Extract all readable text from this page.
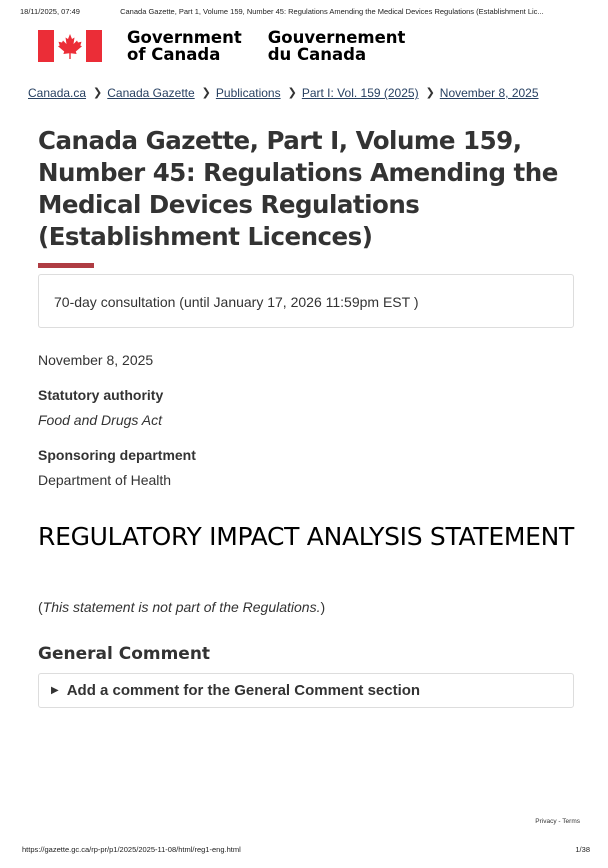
18/11/2025, 07:49	Canada Gazette, Part 1, Volume 159, Number 45: Regulations Amending the Medical Devices Regulations (Establishment Lic...
Government
of Canada
Gouvernement
du Canada
Canada.ca ❯ Canada Gazette ❯ Publications ❯ Part I: Vol. 159 (2025) ❯ November 8, 2025
Canada Gazette, Part I, Volume 159, Number 45: Regulations Amending the Medical Devices Regulations (Establishment Licences)
70-day consultation (until January 17, 2026 11:59pm EST )
November 8, 2025
Statutory authority
Food and Drugs Act
Sponsoring department
Department of Health
REGULATORY IMPACT ANALYSIS STATEMENT
(This statement is not part of the Regulations.)
General Comment
▶ Add a comment for the General Comment section
Privacy - Terms
https://gazette.gc.ca/rp-pr/p1/2025/2025-11-08/html/reg1-eng.html	1/38
